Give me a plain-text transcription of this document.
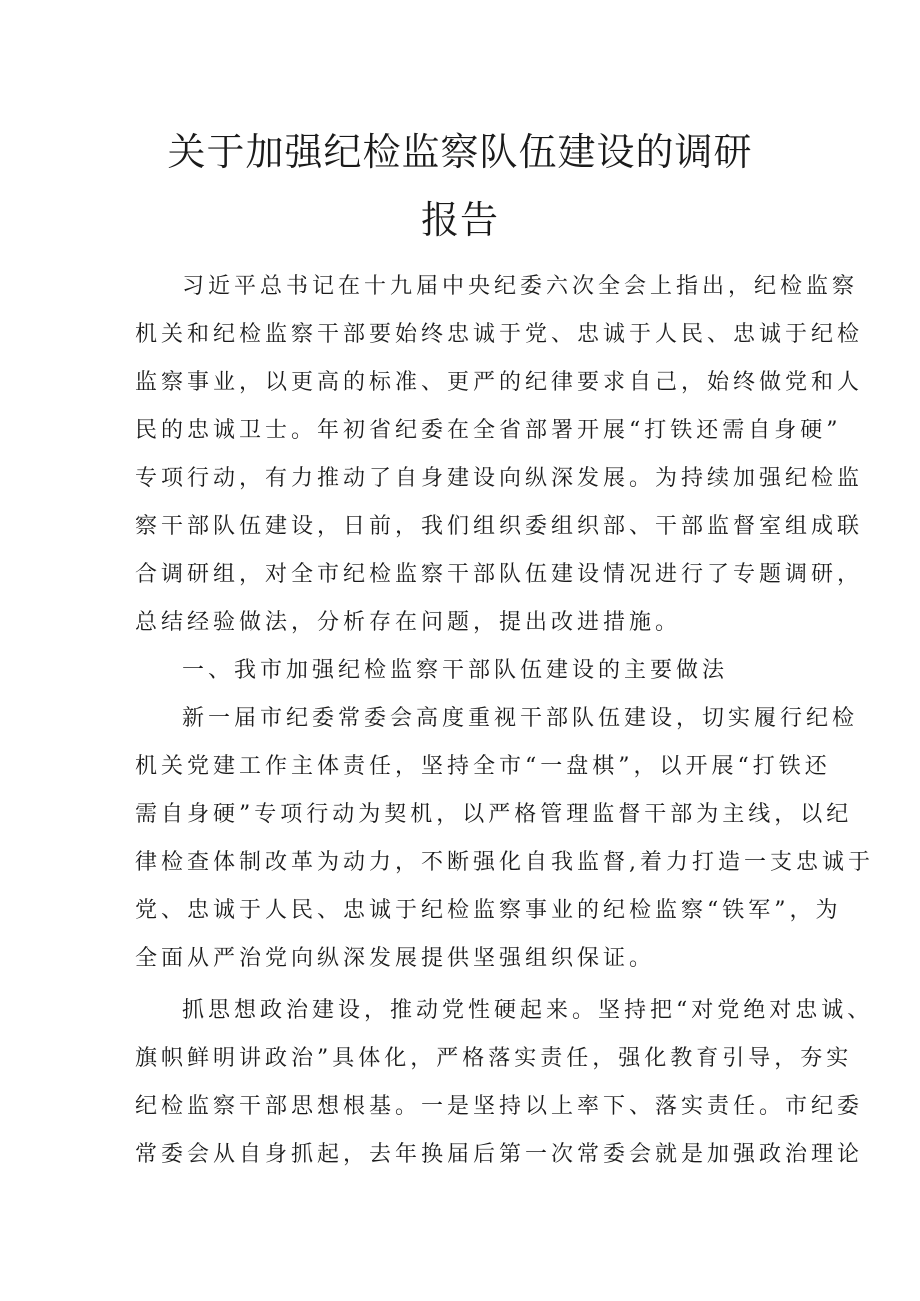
关于加强纪检监察队伍建设的调研
报告
习近平总书记在十九届中央纪委六次全会上指出，纪检监察
机关和纪检监察干部要始终忠诚于党、忠诚于人民、忠诚于纪检
监察事业，以更高的标准、更严的纪律要求自己，始终做党和人
民的忠诚卫士。年初省纪委在全省部署开展“打铁还需自身硬”
专项行动，有力推动了自身建设向纵深发展。为持续加强纪检监
察干部队伍建设，日前，我们组织委组织部、干部监督室组成联
合调研组，对全市纪检监察干部队伍建设情况进行了专题调研，
总结经验做法，分析存在问题，提出改进措施。
一、我市加强纪检监察干部队伍建设的主要做法
新一届市纪委常委会高度重视干部队伍建设，切实履行纪检
机关党建工作主体责任，坚持全市“一盘棋”，以开展“打铁还
需自身硬”专项行动为契机，以严格管理监督干部为主线，以纪
律检查体制改革为动力，不断强化自我监督,着力打造一支忠诚于
党、忠诚于人民、忠诚于纪检监察事业的纪检监察“铁军”，为
全面从严治党向纵深发展提供坚强组织保证。
抓思想政治建设，推动党性硬起来。坚持把“对党绝对忠诚、
旗帜鲜明讲政治”具体化，严格落实责任，强化教育引导，夯实
纪检监察干部思想根基。一是坚持以上率下、落实责任。市纪委
常委会从自身抓起，去年换届后第一次常委会就是加强政治理论
